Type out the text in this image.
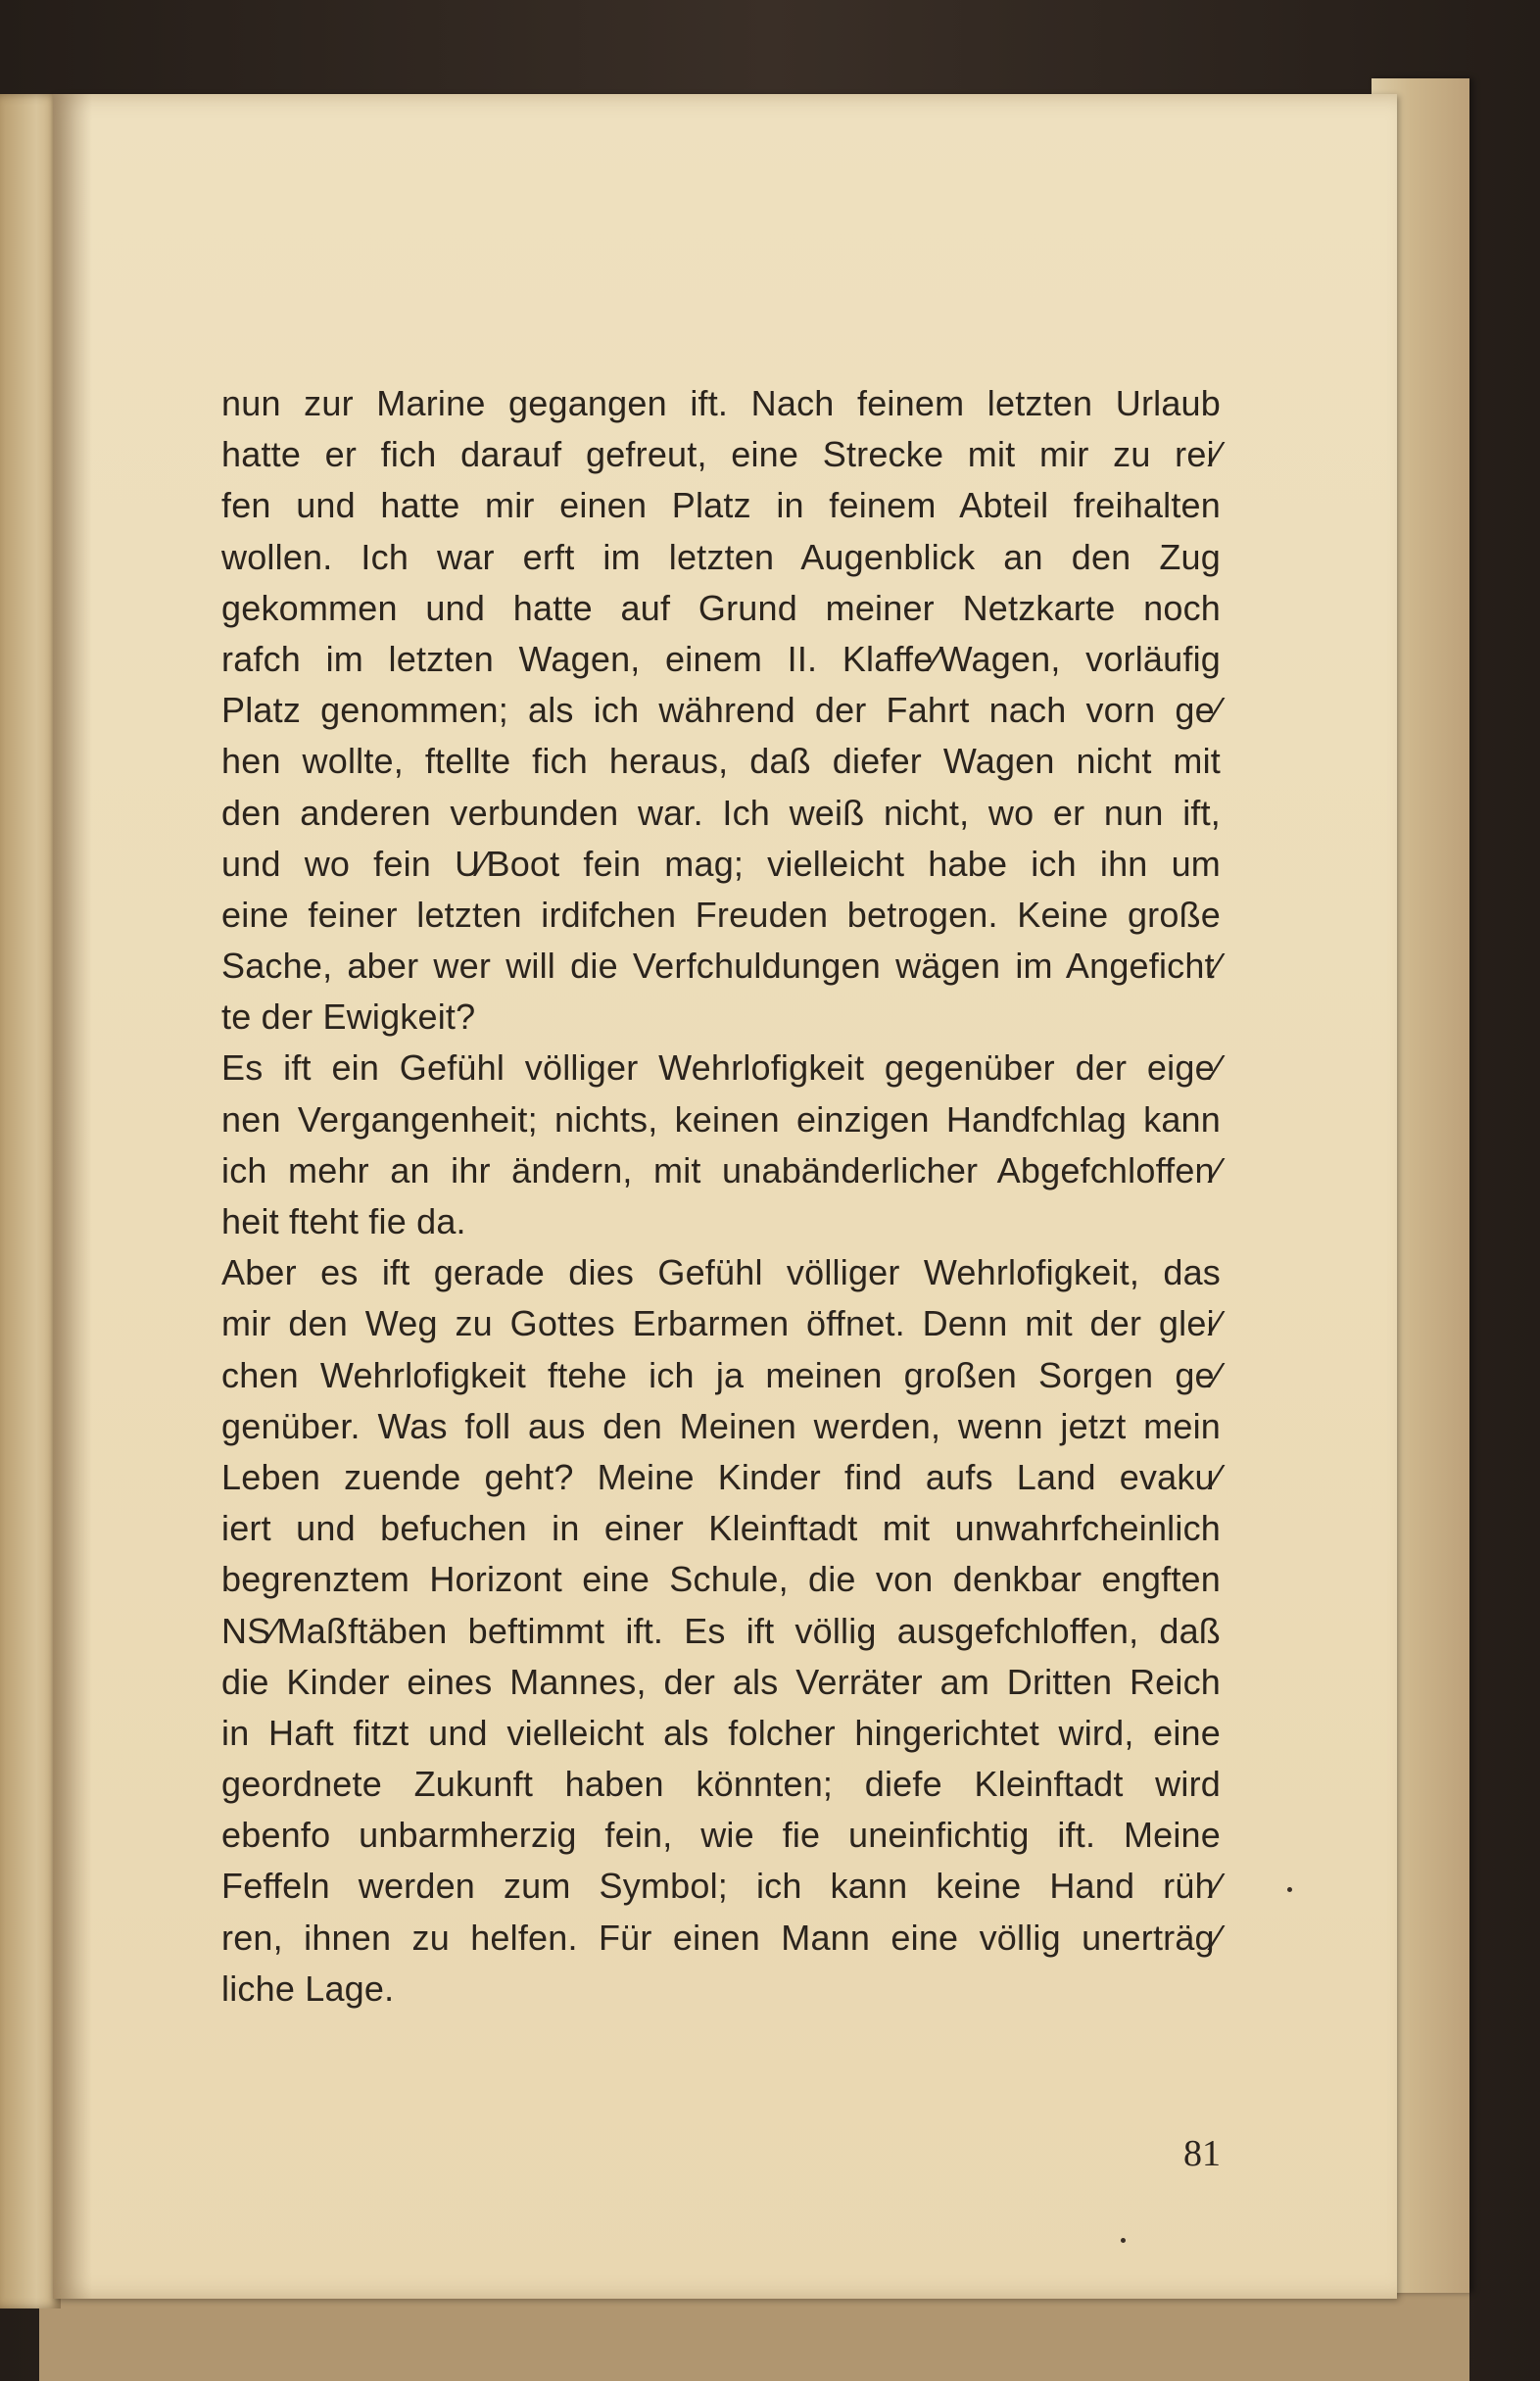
nun zur Marine gegangen ift. Nach feinem letzten Urlaub
hatte er fich darauf gefreut, eine Strecke mit mir zu rei⁄
fen und hatte mir einen Platz in feinem Abteil freihalten
wollen. Ich war erft im letzten Augenblick an den Zug
gekommen und hatte auf Grund meiner Netzkarte noch
rafch im letzten Wagen, einem II. Klaffe⁄Wagen, vorläufig
Platz genommen; als ich während der Fahrt nach vorn ge⁄
hen wollte, ftellte fich heraus, daß diefer Wagen nicht mit
den anderen verbunden war. Ich weiß nicht, wo er nun ift,
und wo fein U⁄Boot fein mag; vielleicht habe ich ihn um
eine feiner letzten irdifchen Freuden betrogen. Keine große
Sache, aber wer will die Verfchuldungen wägen im Angeficht⁄
te der Ewigkeit?
Es ift ein Gefühl völliger Wehrlofigkeit gegenüber der eige⁄
nen Vergangenheit; nichts, keinen einzigen Handfchlag kann
ich mehr an ihr ändern, mit unabänderlicher Abgefchloffen⁄
heit fteht fie da.
Aber es ift gerade dies Gefühl völliger Wehrlofigkeit, das
mir den Weg zu Gottes Erbarmen öffnet. Denn mit der glei⁄
chen Wehrlofigkeit ftehe ich ja meinen großen Sorgen ge⁄
genüber. Was foll aus den Meinen werden, wenn jetzt mein
Leben zuende geht? Meine Kinder find aufs Land evaku⁄
iert und befuchen in einer Kleinftadt mit unwahrfcheinlich
begrenztem Horizont eine Schule, die von denkbar engften
NS⁄Maßftäben beftimmt ift. Es ift völlig ausgefchloffen, daß
die Kinder eines Mannes, der als Verräter am Dritten Reich
in Haft fitzt und vielleicht als folcher hingerichtet wird, eine
geordnete Zukunft haben könnten; diefe Kleinftadt wird
ebenfo unbarmherzig fein, wie fie uneinfichtig ift. Meine
Feffeln werden zum Symbol; ich kann keine Hand rüh⁄
ren, ihnen zu helfen. Für einen Mann eine völlig unerträg⁄
liche Lage.
81
